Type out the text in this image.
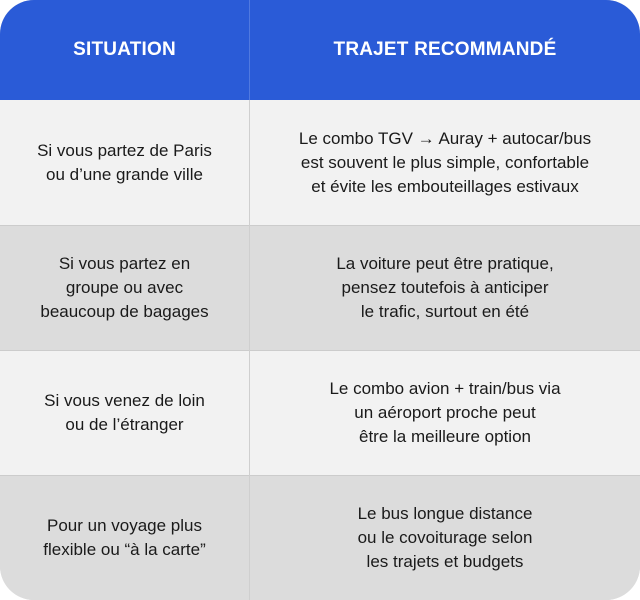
SITUATION	TRAJET RECOMMANDÉ
Si vous partez de Paris
ou d’une grande ville
Le combo TGV → Auray + autocar/bus
est souvent le plus simple, confortable
et évite les embouteillages estivaux
Si vous partez en
groupe ou avec
beaucoup de bagages
La voiture peut être pratique,
pensez toutefois à anticiper
le trafic, surtout en été
Si vous venez de loin
ou de l’étranger
Le combo avion + train/bus via
un aéroport proche peut
être la meilleure option
Pour un voyage plus
flexible ou “à la carte”
Le bus longue distance
ou le covoiturage selon
les trajets et budgets
